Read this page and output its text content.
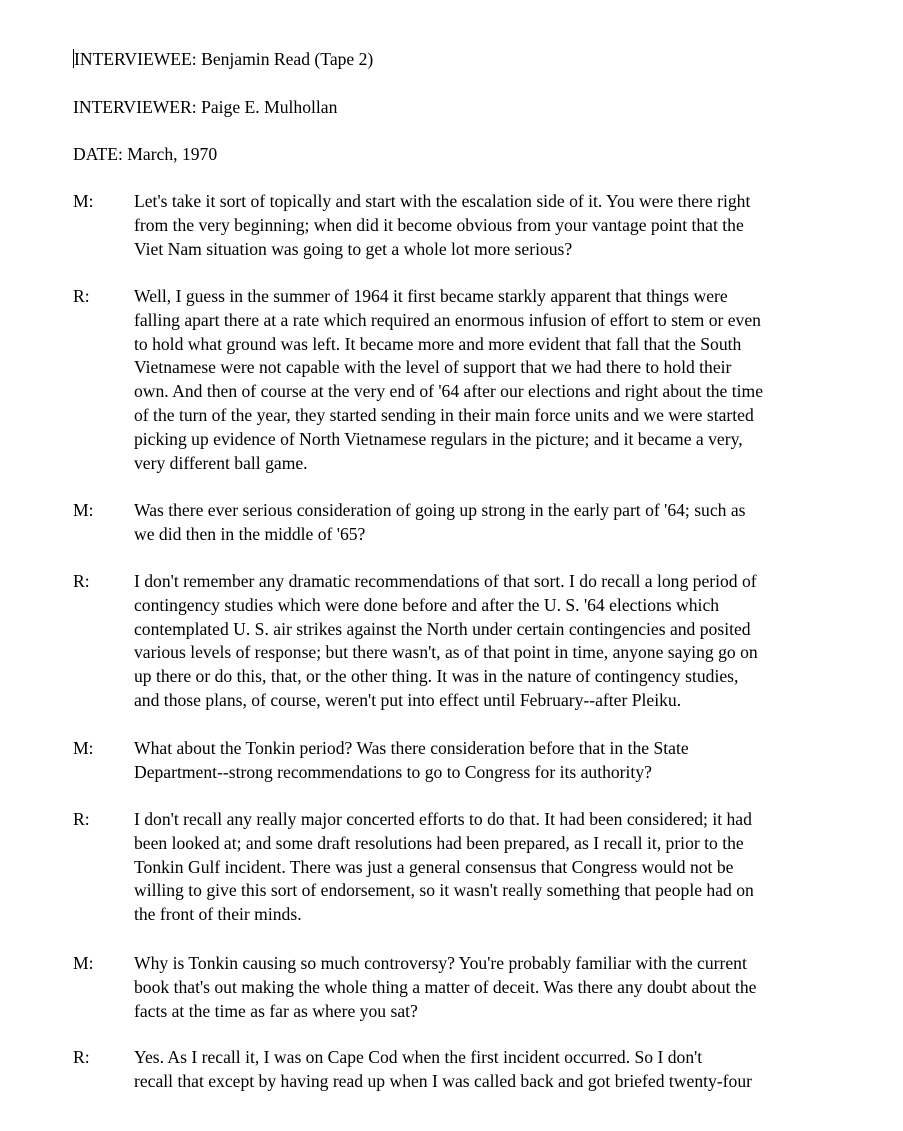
INTERVIEWEE: Benjamin Read (Tape 2)
INTERVIEWER: Paige E. Mulhollan
DATE: March, 1970
M: Let's take it sort of topically and start with the escalation side of it. You were there right
from the very beginning; when did it become obvious from your vantage point that the
Viet Nam situation was going to get a whole lot more serious?
R:	Well, I guess in the summer of 1964 it first became starkly apparent that things were
falling apart there at a rate which required an enormous infusion of effort to stem or even
to hold what ground was left. It became more and more evident that fall that the South
Vietnamese were not capable with the level of support that we had there to hold their
own. And then of course at the very end of '64 after our elections and right about the time
of the turn of the year, they started sending in their main force units and we were started
picking up evidence of North Vietnamese regulars in the picture; and it became a very,
very different ball game.
M: Was there ever serious consideration of going up strong in the early part of '64; such as
we did then in the middle of '65?
R:	I don't remember any dramatic recommendations of that sort. I do recall a long period of
contingency studies which were done before and after the U. S. '64 elections which
contemplated U. S. air strikes against the North under certain contingencies and posited
various levels of response; but there wasn't, as of that point in time, anyone saying go on
up there or do this, that, or the other thing. It was in the nature of contingency studies,
and those plans, of course, weren't put into effect until February--after Pleiku.
M: What about the Tonkin period? Was there consideration before that in the State
Department--strong recommendations to go to Congress for its authority?
R:	I don't recall any really major concerted efforts to do that. It had been considered; it had
been looked at; and some draft resolutions had been prepared, as I recall it, prior to the
Tonkin Gulf incident. There was just a general consensus that Congress would not be
willing to give this sort of endorsement, so it wasn't really something that people had on
the front of their minds.
M: Why is Tonkin causing so much controversy? You're probably familiar with the current
book that's out making the whole thing a matter of deceit. Was there any doubt about the
facts at the time as far as where you sat?
R:	Yes. As I recall it, I was on Cape Cod when the first incident occurred. So I don't
recall that except by having read up when I was called back and got briefed twenty-four
